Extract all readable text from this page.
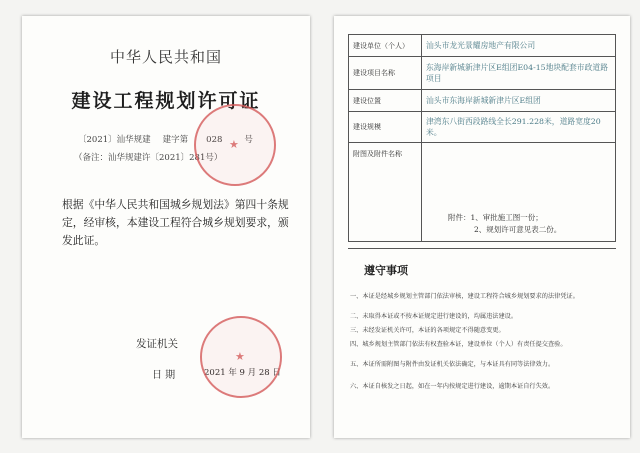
中华人民共和国
建设工程规划许可证
〔2021〕汕华规建 建字第 028	号
（备注：汕华规建许〔2021〕281号）
★
根据《中华人民共和国城乡规划法》第四十条规定，经审核，本建设工程符合城乡规划要求，颁发此证。
发证机关
日 期	2021 年 9 月 28 日
★
建设单位（个人）	汕头市龙光景耀房地产有限公司
建设项目名称	东海岸新城新津片区E组团E04-15地块配套市政道路项目
建设位置	汕头市东海岸新城新津片区E组团
建设规模	津湾东八街西段路线全长291.228米，道路宽度20米。
附图及附件名称	
附件：1、审批施工图一份；
2、规划许可意见表二份。
遵守事项
一、本证是经城乡规划主管部门依法审核，建设工程符合城乡规划要求的法律凭证。
二、未取得本证或不按本证规定进行建设的，均属违法建设。
三、未经发证机关许可，本证的各项规定不得随意变更。
四、城乡规划主管部门依法有权查验本证，建设单位（个人）有责任提交查验。
五、本证所需附图与附件由发证机关依法确定，与本证具有同等法律效力。
六、本证自核发之日起，如在一年内按规定进行建设，逾期本证自行失效。
